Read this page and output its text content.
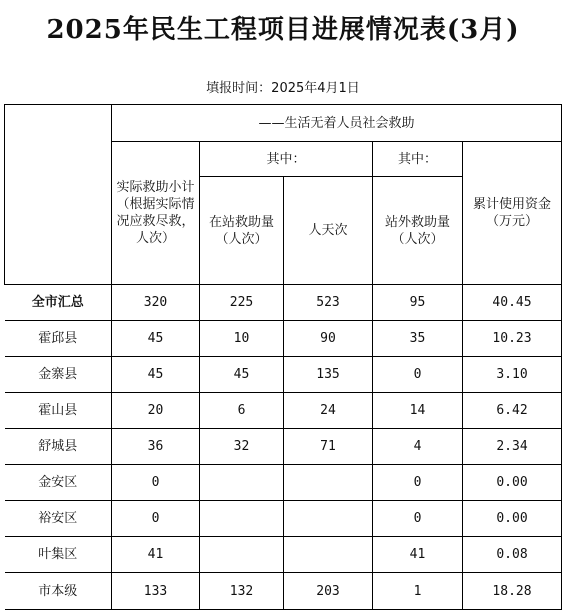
2025年民生工程项目进展情况表(3月)
填报时间：2025年4月1日
	——生活无着人员社会救助				
	实际救助小计（根据实际情况应救尽救，人次）	其中：		其中：	累计使用资金（万元）
		在站救助量（人次）	人天次	站外救助量（人次）	
全市汇总	320	225	523	95	40.45
霍邱县	45	10	90	35	10.23
金寨县	45	45	135	0	3.10
霍山县	20	6	24	14	6.42
舒城县	36	32	71	4	2.34
金安区	0			0	0.00
裕安区	0			0	0.00
叶集区	41			41	0.08
市本级	133	132	203	1	18.28
